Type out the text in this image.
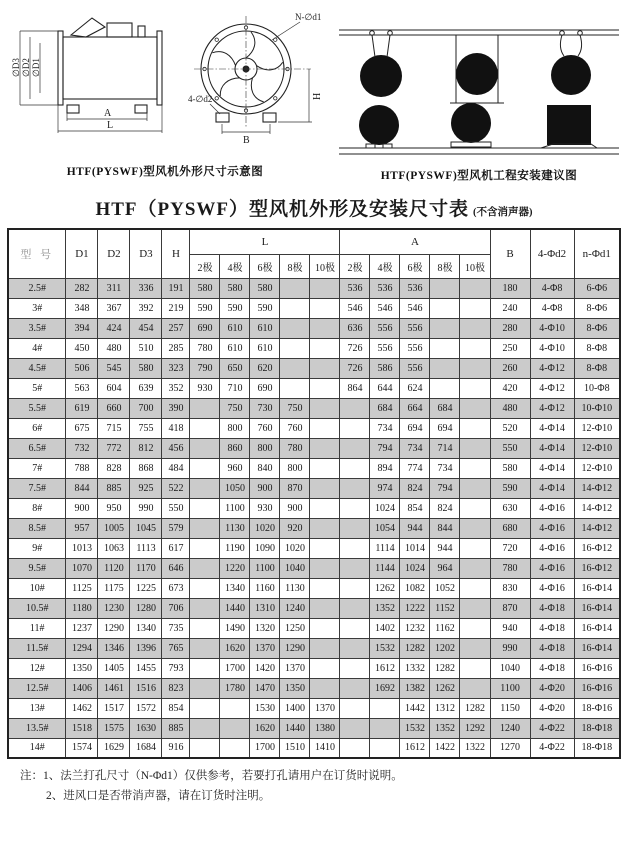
∅D3 ∅D2 ∅D1
A
L
N-∅d1
4-∅d2
B
H
HTF(PYSWF)型风机外形尺寸示意图	HTF(PYSWF)型风机工程安装建议图
HTF（PYSWF）型风机外形及安装尺寸表 (不含消声器)
型 号	D1	D2	D3	H	L					A					B	4-Φd2	n-Φd1
					2极	4极	6极	8极	10极	2极	4极	6极	8极	10极			
2.5#	282	311	336	191	580	580	580			536	536	536			180	4-Φ8	6-Φ6
3#	348	367	392	219	590	590	590			546	546	546			240	4-Φ8	8-Φ6
3.5#	394	424	454	257	690	610	610			636	556	556			280	4-Φ10	8-Φ6
4#	450	480	510	285	780	610	610			726	556	556			250	4-Φ10	8-Φ8
4.5#	506	545	580	323	790	650	620			726	586	556			260	4-Φ12	8-Φ8
5#	563	604	639	352	930	710	690			864	644	624			420	4-Φ12	10-Φ8
5.5#	619	660	700	390		750	730	750			684	664	684		480	4-Φ12	10-Φ10
6#	675	715	755	418		800	760	760			734	694	694		520	4-Φ14	12-Φ10
6.5#	732	772	812	456		860	800	780			794	734	714		550	4-Φ14	12-Φ10
7#	788	828	868	484		960	840	800			894	774	734		580	4-Φ14	12-Φ10
7.5#	844	885	925	522		1050	900	870			974	824	794		590	4-Φ14	14-Φ12
8#	900	950	990	550		1100	930	900			1024	854	824		630	4-Φ16	14-Φ12
8.5#	957	1005	1045	579		1130	1020	920			1054	944	844		680	4-Φ16	14-Φ12
9#	1013	1063	1113	617		1190	1090	1020			1114	1014	944		720	4-Φ16	16-Φ12
9.5#	1070	1120	1170	646		1220	1100	1040			1144	1024	964		780	4-Φ16	16-Φ12
10#	1125	1175	1225	673		1340	1160	1130			1262	1082	1052		830	4-Φ16	16-Φ14
10.5#	1180	1230	1280	706		1440	1310	1240			1352	1222	1152		870	4-Φ18	16-Φ14
11#	1237	1290	1340	735		1490	1320	1250			1402	1232	1162		940	4-Φ18	16-Φ14
11.5#	1294	1346	1396	765		1620	1370	1290			1532	1282	1202		990	4-Φ18	16-Φ14
12#	1350	1405	1455	793		1700	1420	1370			1612	1332	1282		1040	4-Φ18	16-Φ16
12.5#	1406	1461	1516	823		1780	1470	1350			1692	1382	1262		1100	4-Φ20	16-Φ16
13#	1462	1517	1572	854			1530	1400	1370			1442	1312	1282	1150	4-Φ20	18-Φ16
13.5#	1518	1575	1630	885			1620	1440	1380			1532	1352	1292	1240	4-Φ22	18-Φ18
14#	1574	1629	1684	916			1700	1510	1410			1612	1422	1322	1270	4-Φ22	18-Φ18

注：1、法兰打孔尺寸（N-Φd1）仅供参考，若要打孔请用户在订货时说明。

2、进风口是否带消声器，请在订货时注明。
